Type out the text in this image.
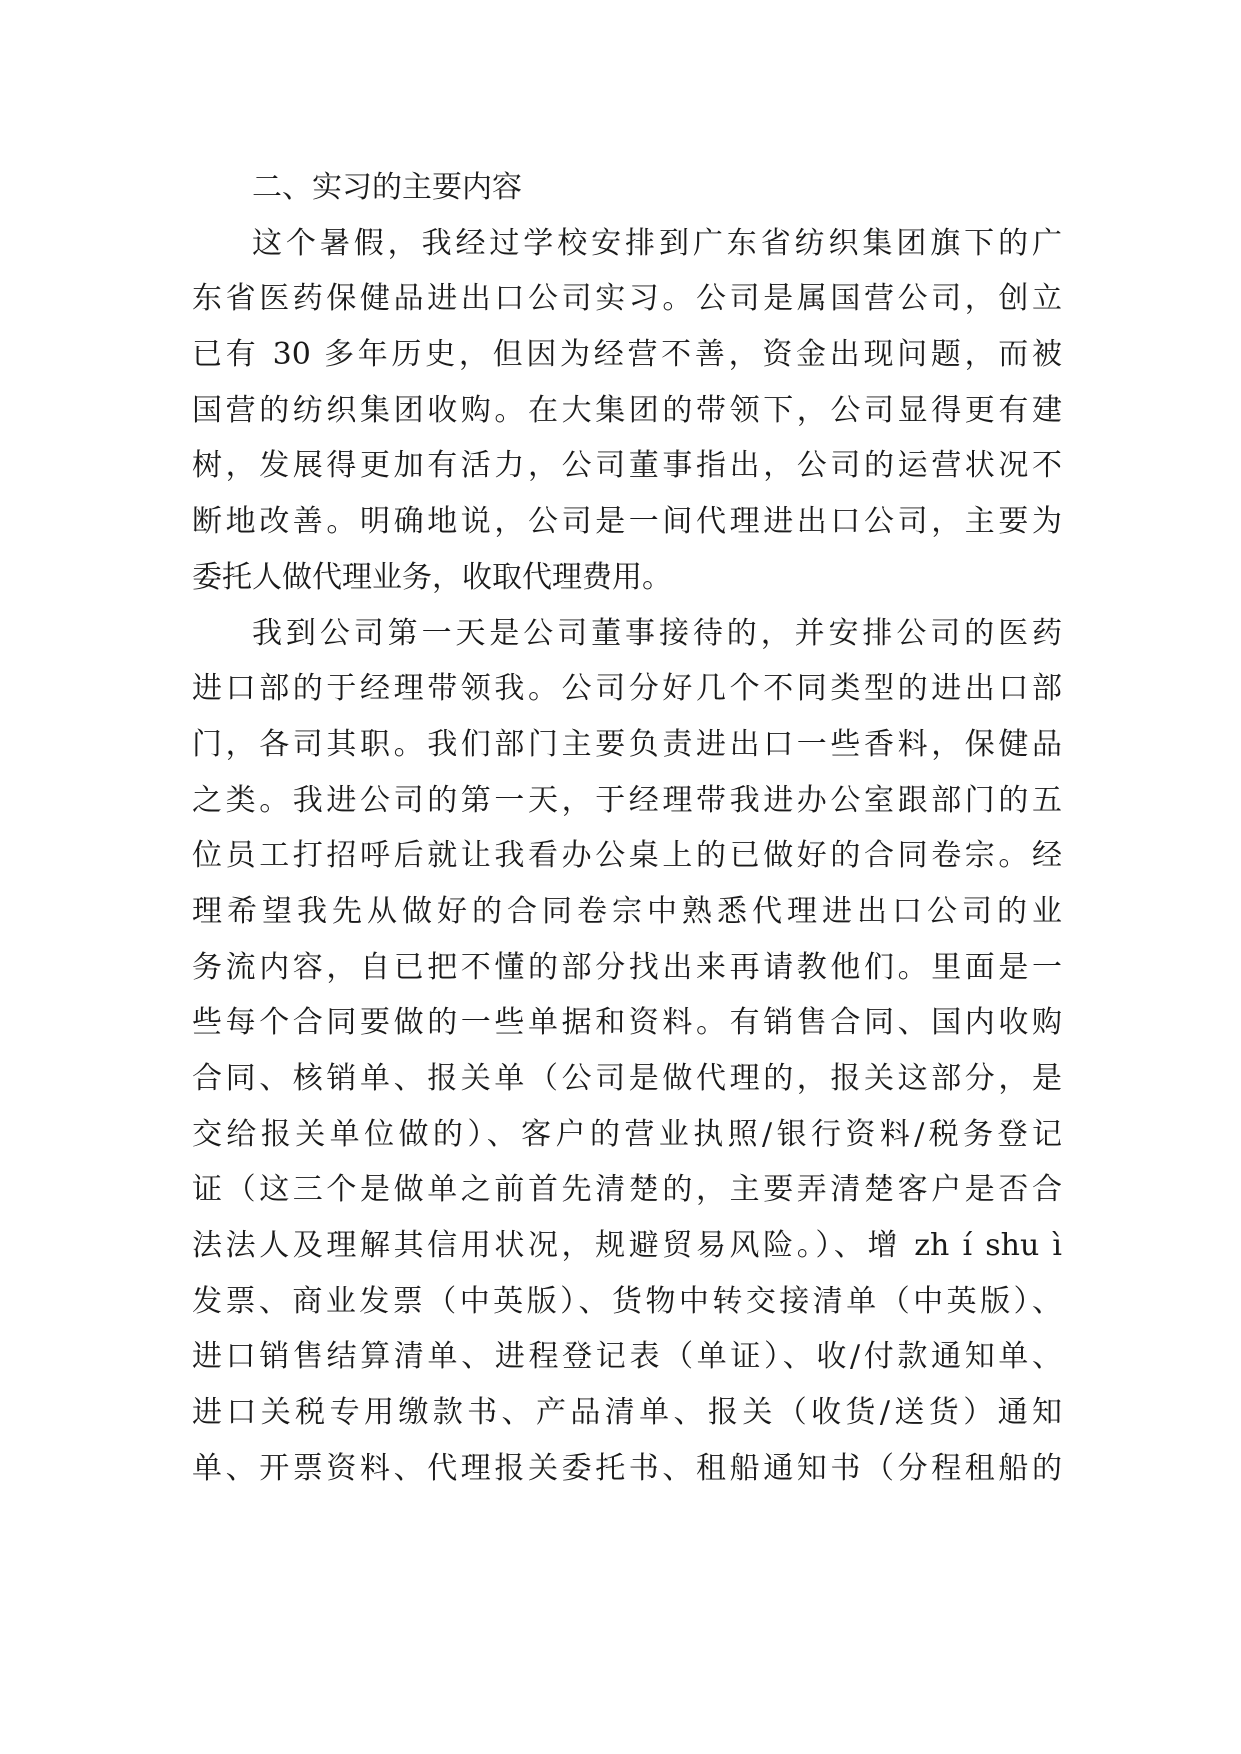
二、实习的主要内容
这个暑假，我经过学校安排到广东省纺织集团旗下的广
东省医药保健品进出口公司实习。公司是属国营公司，创立
已有 30 多年历史，但因为经营不善，资金出现问题，而被
国营的纺织集团收购。在大集团的带领下，公司显得更有建
树，发展得更加有活力，公司董事指出，公司的运营状况不
断地改善。明确地说，公司是一间代理进出口公司，主要为
委托人做代理业务，收取代理费用。
我到公司第一天是公司董事接待的，并安排公司的医药
进口部的于经理带领我。公司分好几个不同类型的进出口部
门，各司其职。我们部门主要负责进出口一些香料，保健品
之类。我进公司的第一天，于经理带我进办公室跟部门的五
位员工打招呼后就让我看办公桌上的已做好的合同卷宗。经
理希望我先从做好的合同卷宗中熟悉代理进出口公司的业
务流内容，自已把不懂的部分找出来再请教他们。里面是一
些每个合同要做的一些单据和资料。有销售合同、国内收购
合同、核销单、报关单（公司是做代理的，报关这部分，是
交给报关单位做的）、客户的营业执照/银行资料/税务登记
证（这三个是做单之前首先清楚的，主要弄清楚客户是否合
法法人及理解其信用状况，规避贸易风险。）、增 zh í shu ì
发票、商业发票（中英版）、货物中转交接清单（中英版）、
进口销售结算清单、进程登记表（单证）、收/付款通知单、
进口关税专用缴款书、产品清单、报关（收货/送货）通知
单、开票资料、代理报关委托书、租船通知书（分程租船的
